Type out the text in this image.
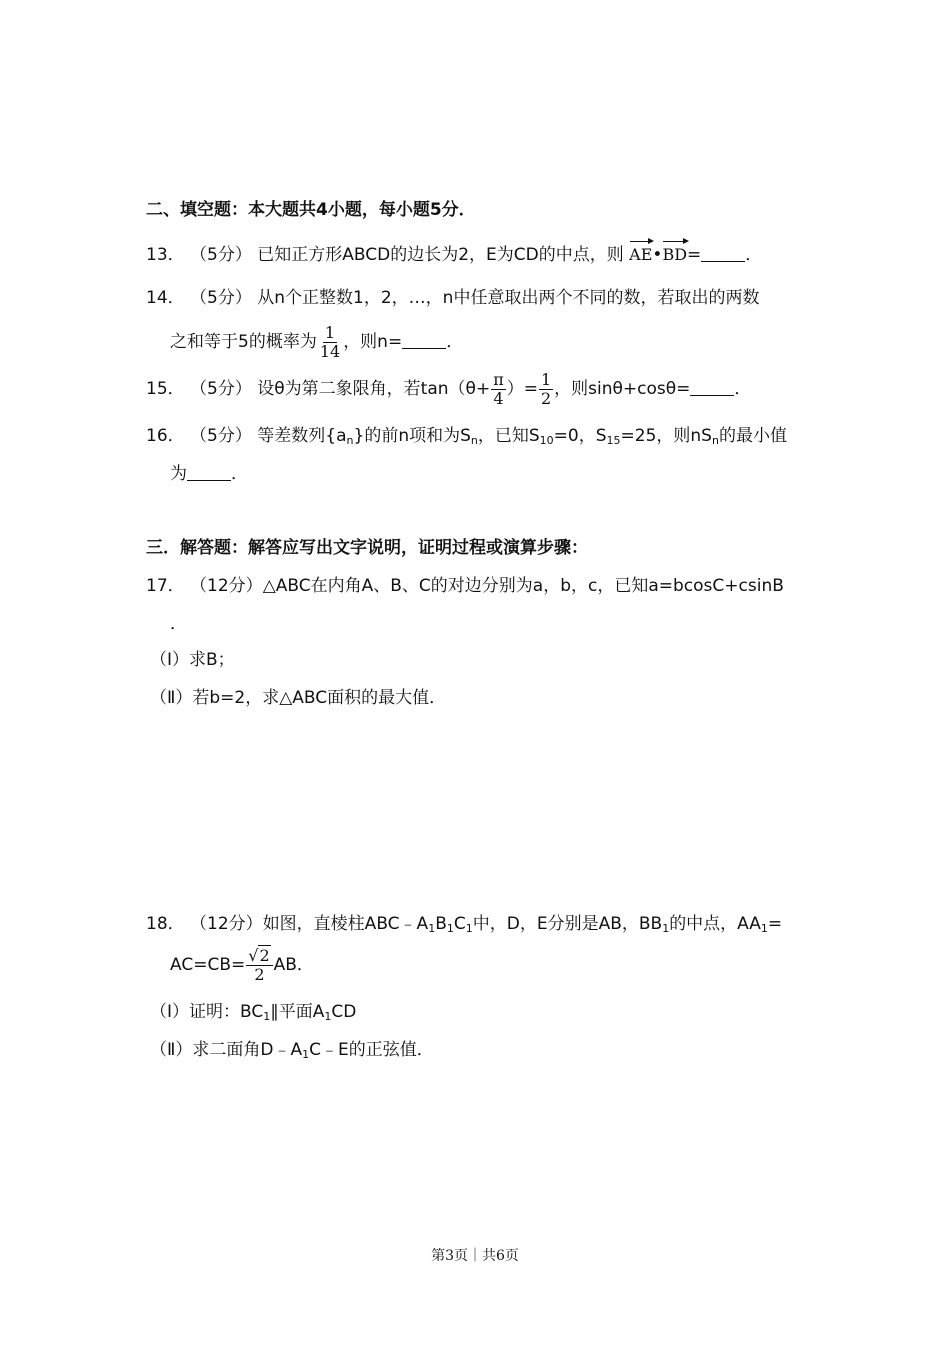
二、填空题：本大题共4小题，每小题5分．
13． （5分） 已知正方形ABCD的边长为2，E为CD的中点，则 AE•BD=	．
14． （5分） 从n个正整数1，2，…，n中任意取出两个不同的数，若取出的两数
之和等于5的概率为 $\frac{1}{14}$ ，则n=	．
15． （5分） 设θ为第二象限角，若$\tan(\theta+ \frac{\pi}{4}$ ）= $\frac{1}{2}$ ，则sinθ+cosθ=	．
16． （5分） 等差数列$\{a_n\}$的前n项和为$S_n$，已知$S_{10}=0$，$S_{15}=25$，则$nS_n$的最小值
为	．
三．解答题：解答应写出文字说明，证明过程或演算步骤：
17． （12分）△ABC在内角A、B、C的对边分别为a，b，c，已知a=bcosC+csinB
．
（Ⅰ）求B；
（Ⅱ）若b=2，求△ABC面积的最大值．
18． （12分）如图，直棱柱$ABC﹣A_1B_1C_1$中，D，E分别是AB，$BB_1$的中点，$AA_1=$
$AC=CB= \frac{√2}{2}$ AB．
（Ⅰ）证明：$BC_1\parallel$平面$A_1CD$
（Ⅱ）求二面角$D﹣A_1C﹣E$的正弦值．
第3页｜共6页
